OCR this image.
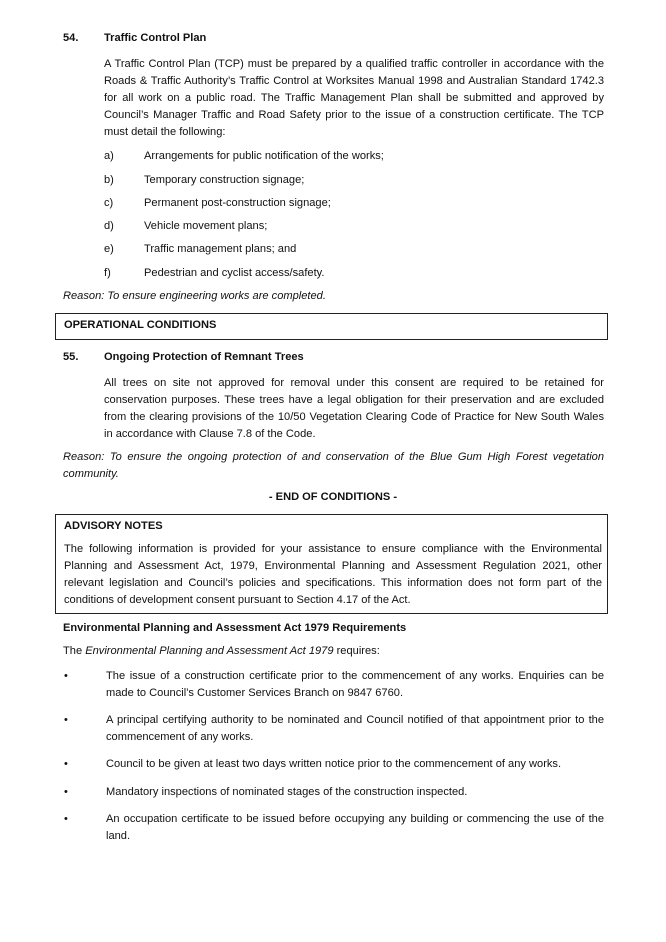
54. Traffic Control Plan
A Traffic Control Plan (TCP) must be prepared by a qualified traffic controller in accordance with the Roads & Traffic Authority’s Traffic Control at Worksites Manual 1998 and Australian Standard 1742.3 for all work on a public road. The Traffic Management Plan shall be submitted and approved by Council’s Manager Traffic and Road Safety prior to the issue of a construction certificate. The TCP must detail the following:
a)	Arrangements for public notification of the works;
b)	Temporary construction signage;
c)	Permanent post-construction signage;
d)	Vehicle movement plans;
e)	Traffic management plans; and
f)	Pedestrian and cyclist access/safety.
Reason: To ensure engineering works are completed.
OPERATIONAL CONDITIONS
55. Ongoing Protection of Remnant Trees
All trees on site not approved for removal under this consent are required to be retained for conservation purposes. These trees have a legal obligation for their preservation and are excluded from the clearing provisions of the 10/50 Vegetation Clearing Code of Practice for New South Wales in accordance with Clause 7.8 of the Code.
Reason: To ensure the ongoing protection of and conservation of the Blue Gum High Forest vegetation community.
- END OF CONDITIONS -
ADVISORY NOTES
The following information is provided for your assistance to ensure compliance with the Environmental Planning and Assessment Act, 1979, Environmental Planning and Assessment Regulation 2021, other relevant legislation and Council’s policies and specifications. This information does not form part of the conditions of development consent pursuant to Section 4.17 of the Act.
Environmental Planning and Assessment Act 1979 Requirements
The Environmental Planning and Assessment Act 1979 requires:
•	The issue of a construction certificate prior to the commencement of any works. Enquiries can be made to Council’s Customer Services Branch on 9847 6760.
•	A principal certifying authority to be nominated and Council notified of that appointment prior to the commencement of any works.
•	Council to be given at least two days written notice prior to the commencement of any works.
•	Mandatory inspections of nominated stages of the construction inspected.
•	An occupation certificate to be issued before occupying any building or commencing the use of the land.
